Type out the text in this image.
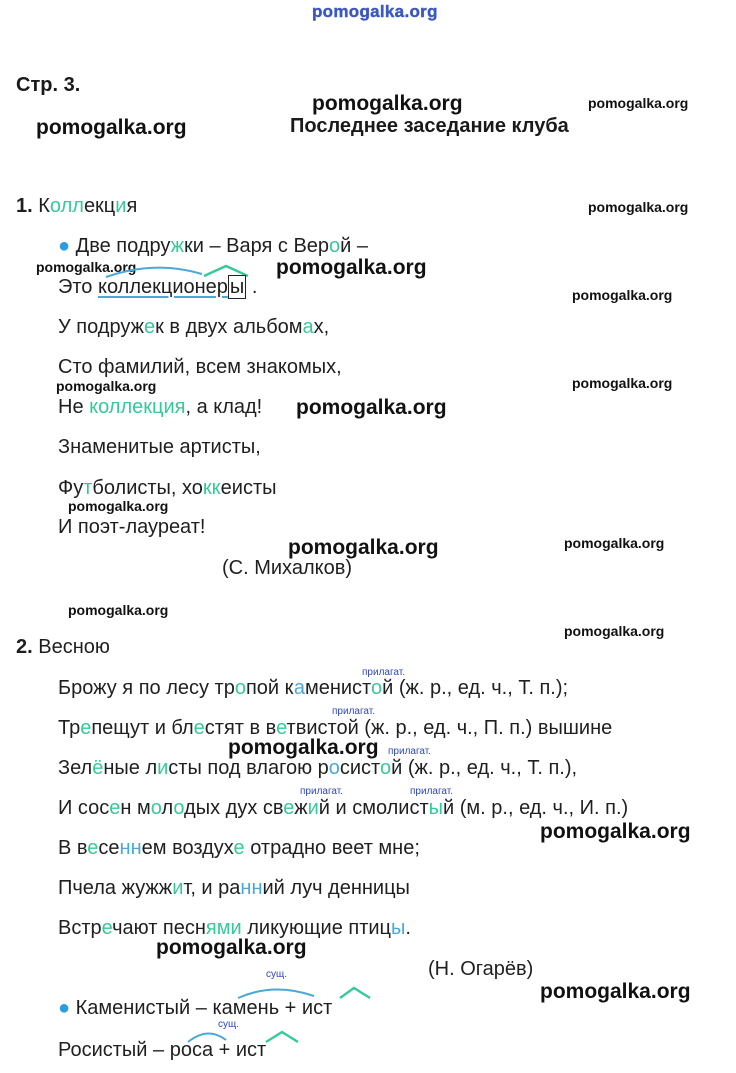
pomogalka.org
pomogalka.org	pomogalka.org
pomogalka.org
pomogalka.org
pomogalka.org	pomogalka.org
pomogalka.org
pomogalka.org	pomogalka.org
pomogalka.org
pomogalka.org
pomogalka.org	pomogalka.org
pomogalka.org
pomogalka.org
pomogalka.org
pomogalka.org
pomogalka.org
pomogalka.org
Стр. 3.
Последнее заседание клуба
1. Коллекция
● Две подружки – Варя с Верой –
Это коллекционер ы .
У подружек в двух альбомах,
Сто фамилий, всем знакомых,
Не коллекция, а клад!
Знаменитые артисты,
Футболисты, хоккеисты
И поэт-лауреат!
(С. Михалков)
2. Весною
прилагат.
Брожу я по лесу тропой каменистой (ж. р., ед. ч., Т. п.);
прилагат.
Трепещут и блестят в ветвистой (ж. р., ед. ч., П. п.) вышине
прилагат.
Зелёные листы под влагою росистой (ж. р., ед. ч., Т. п.),
прилагат.	прилагат.
И сосен молодых дух свежий и смолистый (м. р., ед. ч., И. п.)
В весеннем воздухе отрадно веет мне;
Пчела жужжит, и ранний луч денницы
Встречают песнями ликующие птицы.
(Н. Огарёв)
сущ.
● Каменистый – камень + ист
сущ.
Росистый – роса + ист
